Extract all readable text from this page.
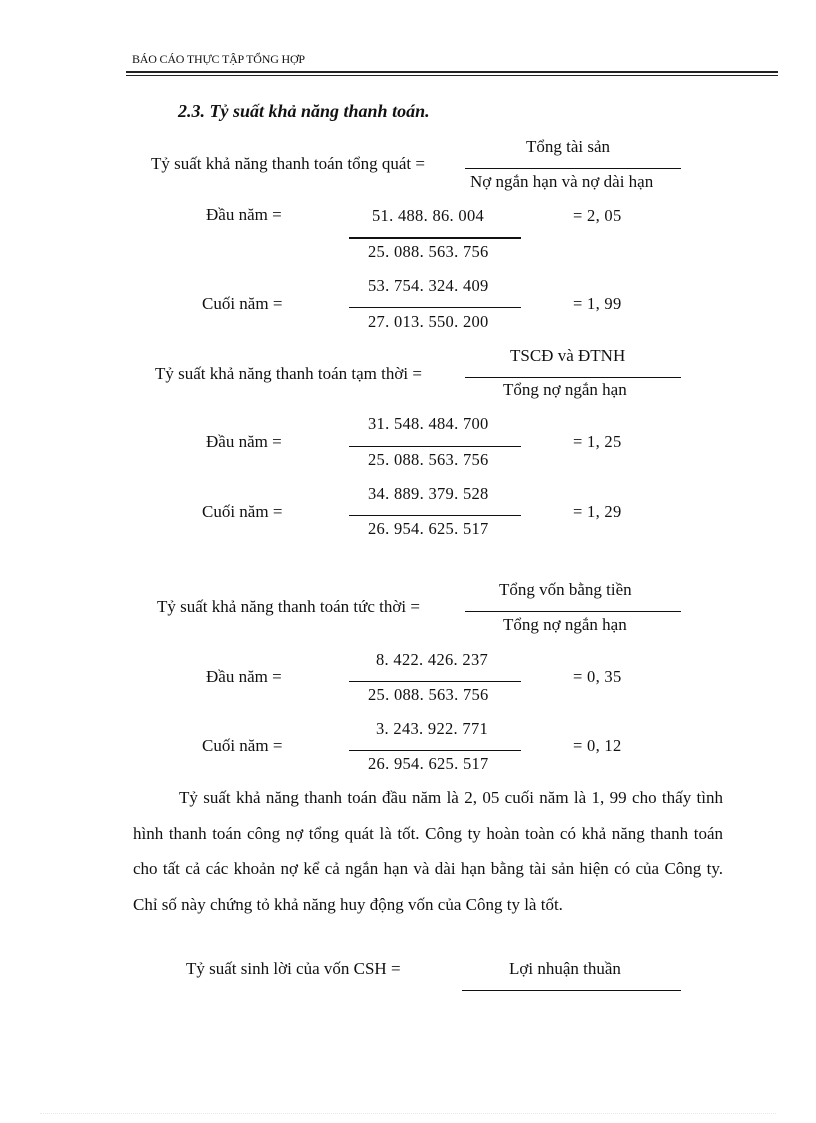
BÁO CÁO THỰC TẬP TỔNG HỢP
2.3. Tỷ suất khả năng thanh toán.
Tỷ suất khả năng thanh toán tổng quát =
Tổng tài sản
Nợ ngắn hạn và nợ dài hạn
Đầu năm =	51. 488. 86. 004
25. 088. 563. 756
= 2, 05
Cuối năm =
53. 754. 324. 409
27. 013. 550. 200
= 1, 99
Tỷ suất khả năng thanh toán tạm thời =
TSCĐ và ĐTNH
Tổng nợ ngắn hạn
Đầu năm =
31. 548. 484. 700
25. 088. 563. 756
= 1, 25
Cuối năm =
34. 889. 379. 528
26. 954. 625. 517
= 1, 29
Tỷ suất khả năng thanh toán tức thời =
Tổng vốn bằng tiền
Tổng nợ ngắn hạn
Đầu năm =
8. 422. 426. 237
25. 088. 563. 756
= 0, 35
Cuối năm =
3. 243. 922. 771
26. 954. 625. 517
= 0, 12
Tỷ suất khả năng thanh toán đầu năm là 2, 05 cuối năm là 1, 99 cho thấy tình hình thanh toán công nợ tổng quát là tốt. Công ty hoàn toàn có khả năng thanh toán cho tất cả các khoản nợ kể cả ngắn hạn và dài hạn bằng tài sản hiện có của Công ty. Chỉ số này chứng tỏ khả năng huy động vốn của Công ty là tốt.
Tỷ suất sinh lời của vốn CSH =	Lợi nhuận thuần
